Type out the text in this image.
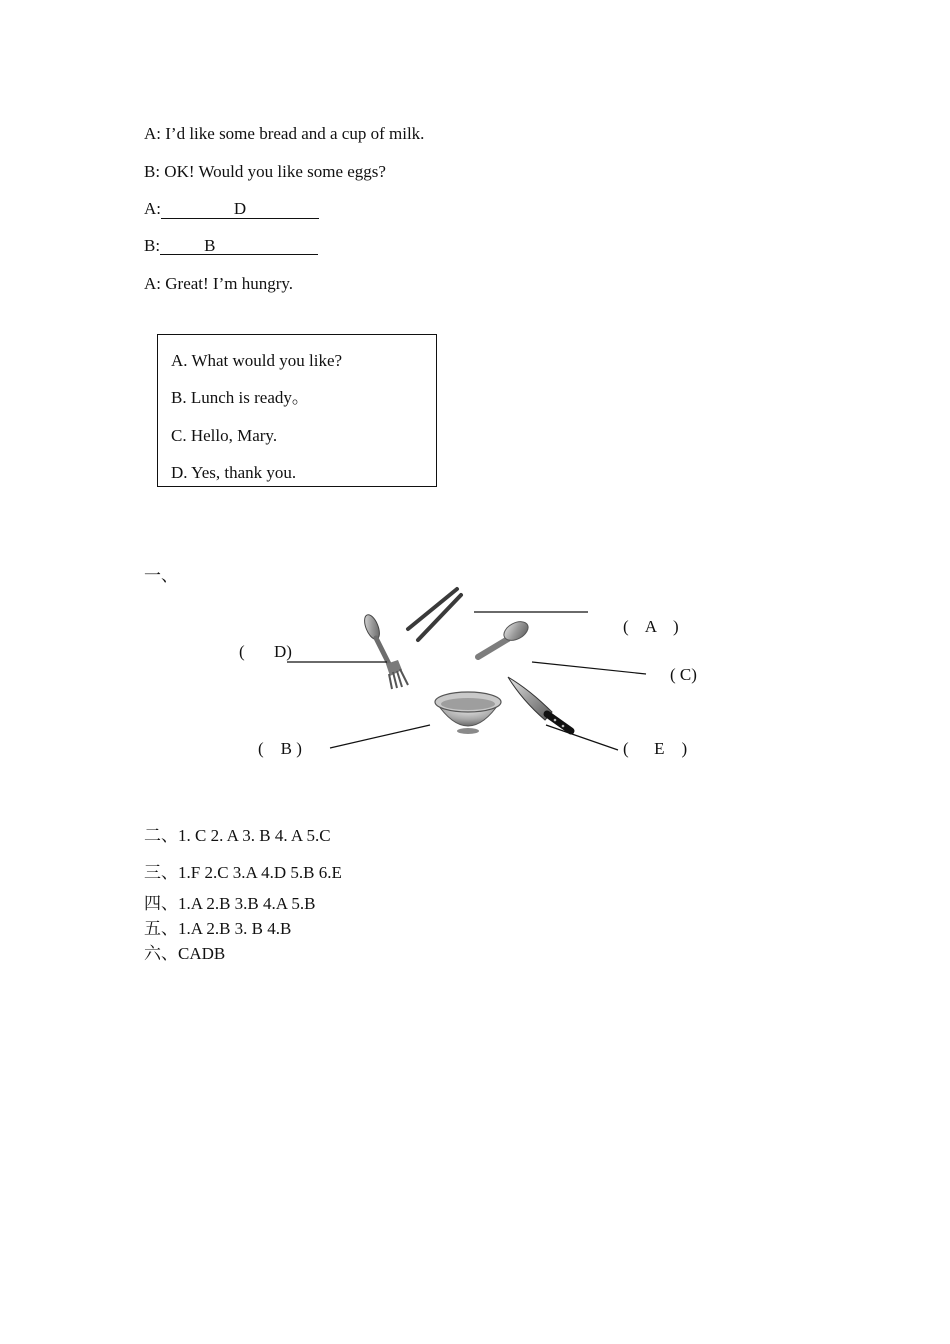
A: I’d like some bread and a cup of milk.
B: OK! Would you like some eggs?
A:	D
B:	B
A: Great! I’m hungry.
A. What would you like?
B. Lunch is ready。
C. Hello, Mary.
D. Yes, thank you.
一、
(    A    )
( D)
( C)
(    B )	(      E    )
二、1. C 2. A 3. B 4. A 5.C
三、1.F 2.C 3.A 4.D 5.B 6.E
四、1.A 2.B 3.B 4.A 5.B
五、1.A 2.B 3. B 4.B
六、CADB
